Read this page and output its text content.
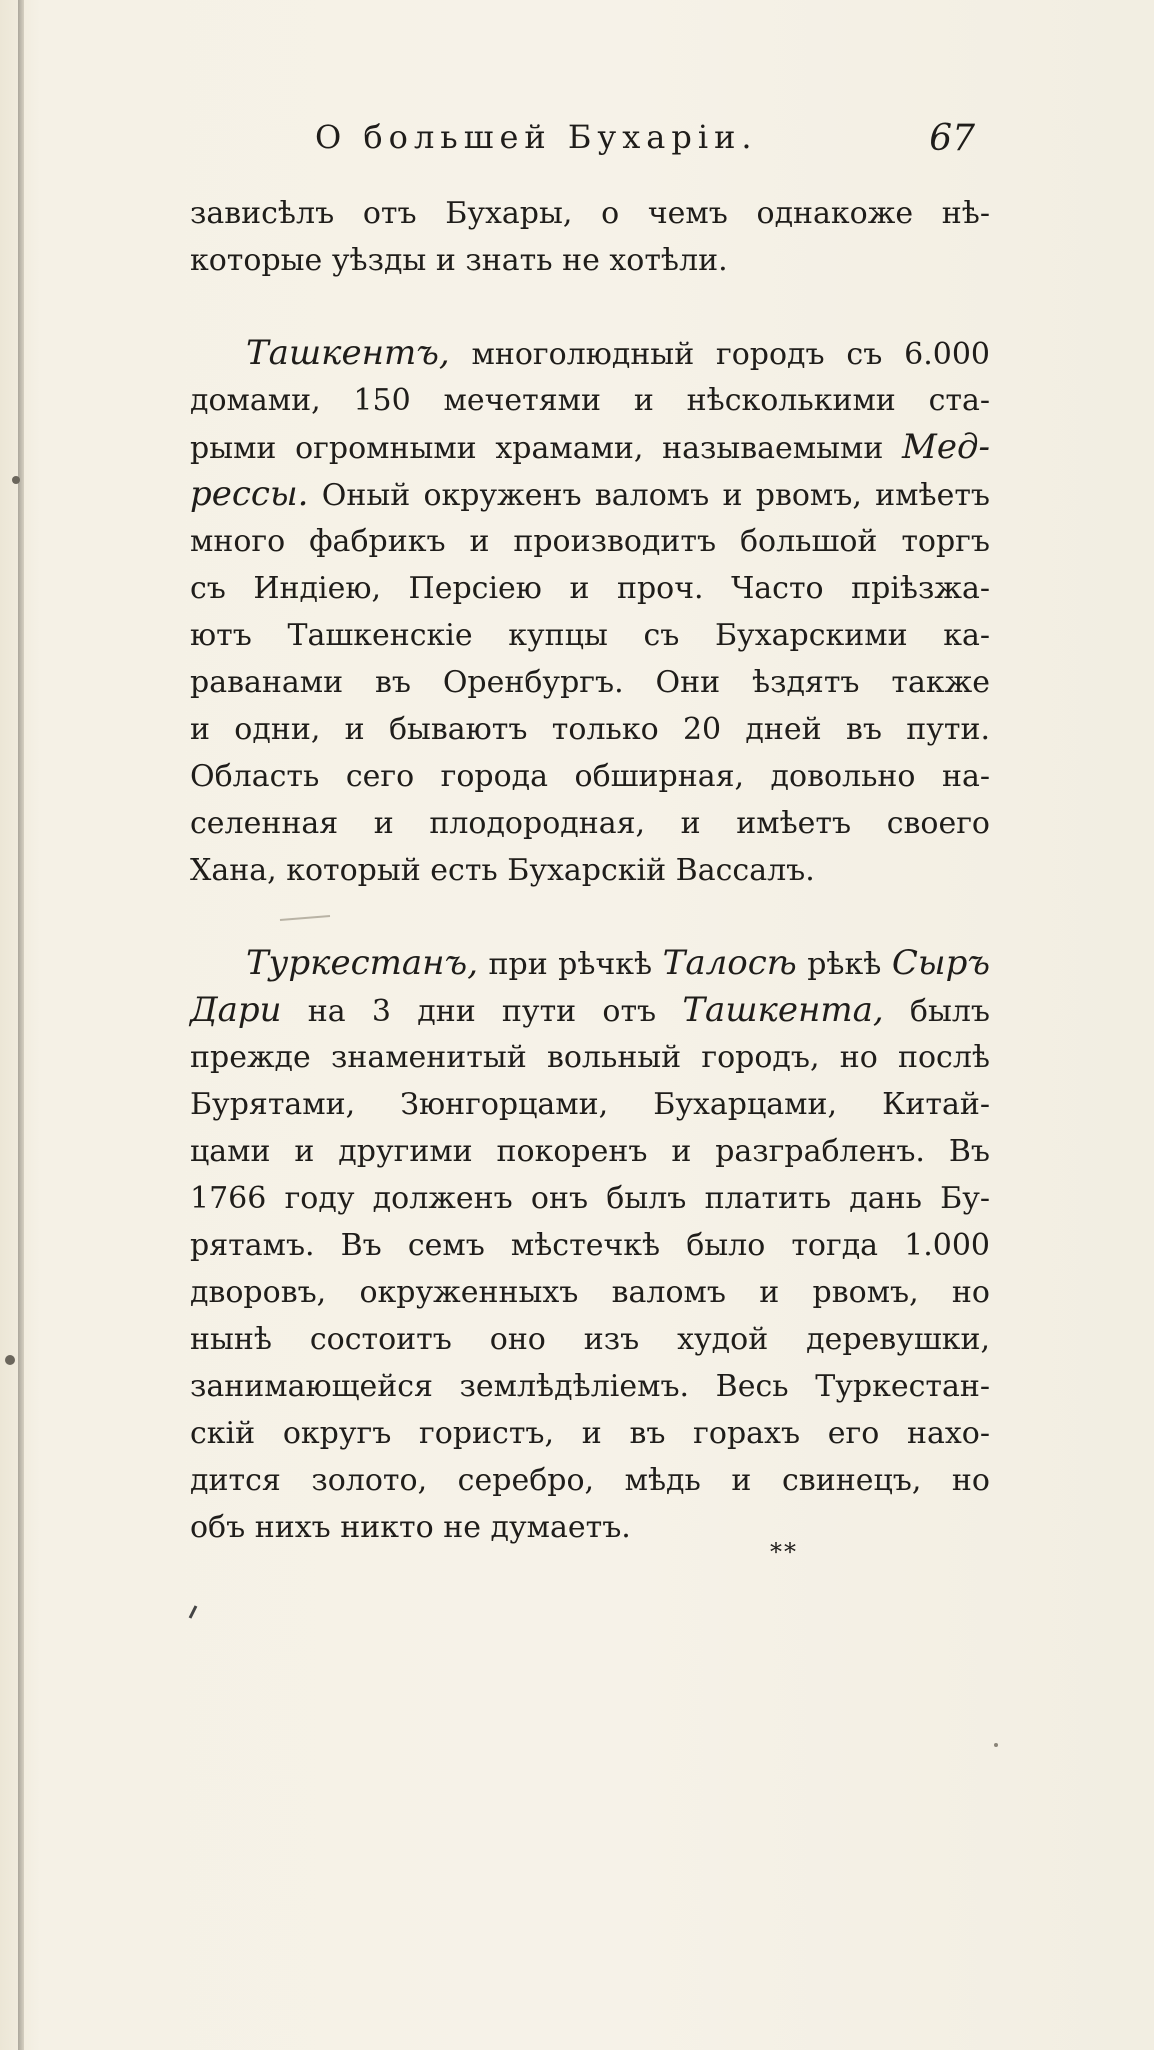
О большей Бухаріи.	67
зависѣлъ отъ Бухары, о чемъ однакоже нѣ-
которые уѣзды и знать не хотѣли.
Ташкентъ, многолюдный городъ съ 6.000
домами, 150 мечетями и нѣсколькими ста-
рыми огромными храмами, называемыми Мед-
рессы. Оный окруженъ валомъ и рвомъ, имѣетъ
много фабрикъ и производитъ большой торгъ
съ Индіею, Персіею и проч. Часто пріѣзжа-
ютъ Ташкенскіе купцы съ Бухарскими ка-
раванами въ Оренбургъ. Они ѣздятъ также
и одни, и бываютъ только 20 дней въ пути.
Область сего города обширная, довольно на-
селенная и плодородная, и имѣетъ своего
Хана, который есть Бухарскій Вассалъ.
Туркестанъ, при рѣчкѣ Талосѣ рѣкѣ Сыръ
Дари на 3 дни пути отъ Ташкента, былъ
прежде знаменитый вольный городъ, но послѣ
Бурятами, Зюнгорцами, Бухарцами, Китай-
цами и другими покоренъ и разграбленъ. Въ
1766 году долженъ онъ былъ платить дань Бу-
рятамъ. Въ семъ мѣстечкѣ было тогда 1.000
дворовъ, окруженныхъ валомъ и рвомъ, но
нынѣ состоитъ оно изъ худой деревушки,
занимающейся землѣдѣліемъ. Весь Туркестан-
скій округъ гористъ, и въ горахъ его нахо-
дится золото, серебро, мѣдь и свинецъ, но
объ нихъ никто не думаетъ.
**
